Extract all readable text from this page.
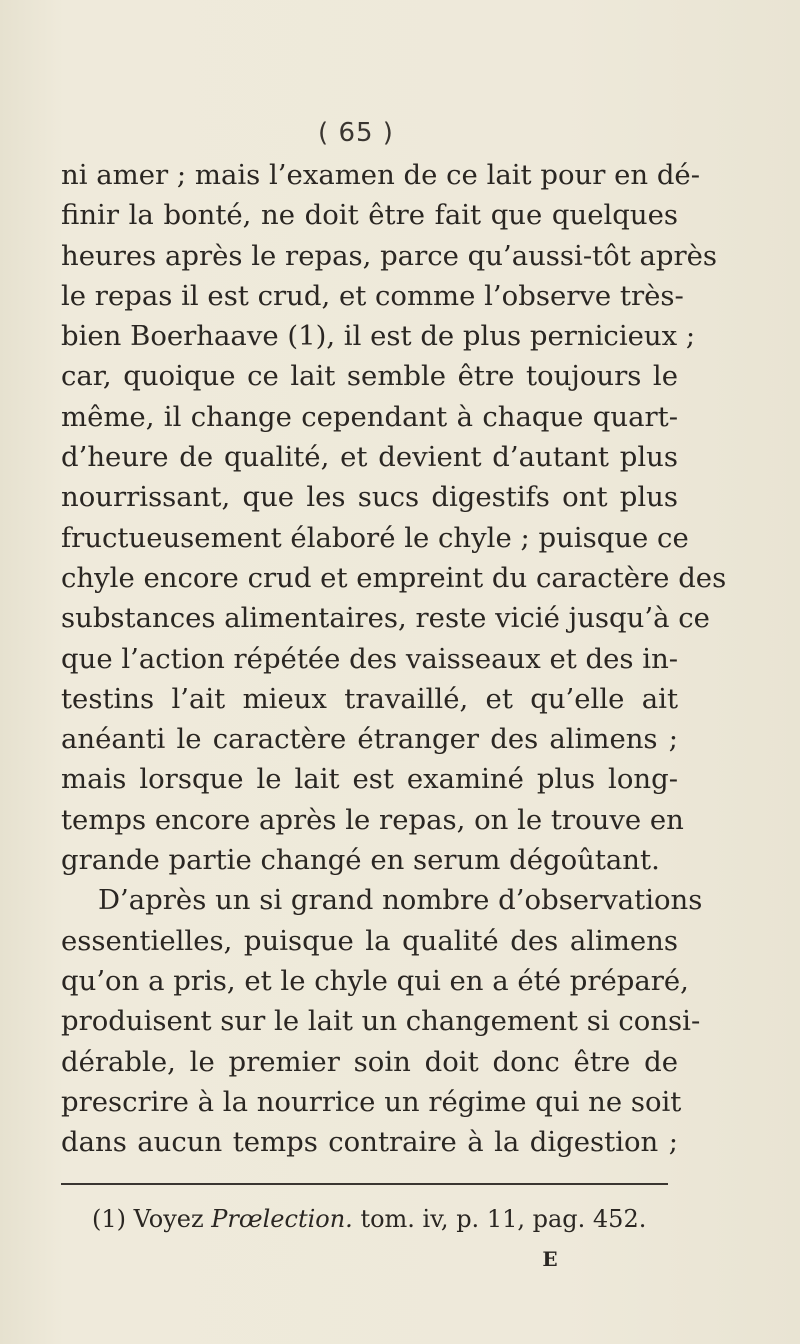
( 65 )
ni amer ; mais l’examen de ce lait pour en dé-
finir la bonté, ne doit être fait que quelques
heures après le repas, parce qu’aussi-tôt après
le repas il est crud, et comme l’observe très-
bien Boerhaave (1), il est de plus pernicieux ;
car, quoique ce lait semble être toujours le
même, il change cependant à chaque quart-
d’heure de qualité, et devient d’autant plus
nourrissant, que les sucs digestifs ont plus
fructueusement élaboré le chyle ; puisque ce
chyle encore crud et empreint du caractère des
substances alimentaires, reste vicié jusqu’à ce
que l’action répétée des vaisseaux et des in-
testins l’ait mieux travaillé, et qu’elle ait
anéanti le caractère étranger des alimens ;
mais lorsque le lait est examiné plus long-
temps encore après le repas, on le trouve en
grande partie changé en serum dégoûtant.
D’après un si grand nombre d’observations
essentielles, puisque la qualité des alimens
qu’on a pris, et le chyle qui en a été préparé,
produisent sur le lait un changement si consi-
dérable, le premier soin doit donc être de
prescrire à la nourrice un régime qui ne soit
dans aucun temps contraire à la digestion ;
(1) Voyez Prœlection. tom. iv, p. 11, pag. 452.
E
